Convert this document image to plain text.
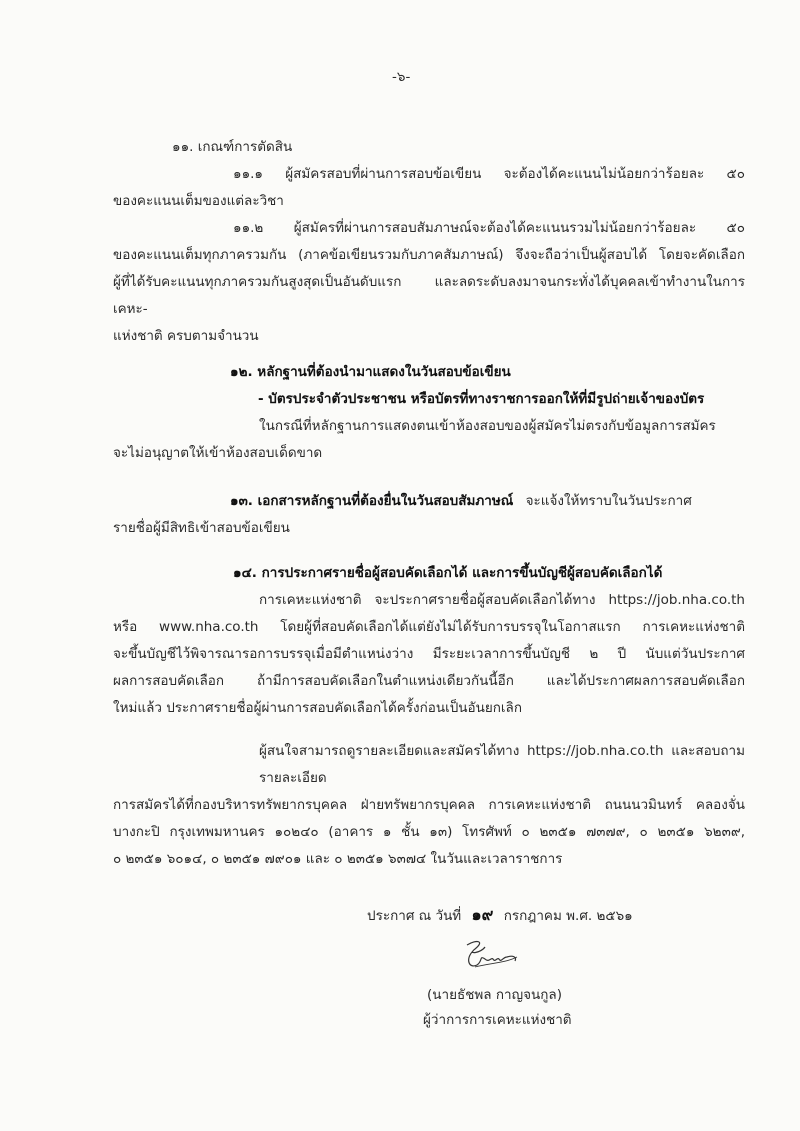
-๖-
๑๑. เกณฑ์การตัดสิน
๑๑.๑ ผู้สมัครสอบที่ผ่านการสอบข้อเขียน จะต้องได้คะแนนไม่น้อยกว่าร้อยละ ๕๐
ของคะแนนเต็มของแต่ละวิชา
๑๑.๒ ผู้สมัครที่ผ่านการสอบสัมภาษณ์จะต้องได้คะแนนรวมไม่น้อยกว่าร้อยละ ๕๐
ของคะแนนเต็มทุกภาครวมกัน (ภาคข้อเขียนรวมกับภาคสัมภาษณ์) จึงจะถือว่าเป็นผู้สอบได้ โดยจะคัดเลือก
ผู้ที่ได้รับคะแนนทุกภาครวมกันสูงสุดเป็นอันดับแรก และลดระดับลงมาจนกระทั่งได้บุคคลเข้าทำงานในการเคหะ-
แห่งชาติ ครบตามจำนวน
๑๒. หลักฐานที่ต้องนำมาแสดงในวันสอบข้อเขียน
- บัตรประจำตัวประชาชน หรือบัตรที่ทางราชการออกให้ที่มีรูปถ่ายเจ้าของบัตร
ในกรณีที่หลักฐานการแสดงตนเข้าห้องสอบของผู้สมัครไม่ตรงกับข้อมูลการสมัคร
จะไม่อนุญาตให้เข้าห้องสอบเด็ดขาด
๑๓. เอกสารหลักฐานที่ต้องยื่นในวันสอบสัมภาษณ์ จะแจ้งให้ทราบในวันประกาศ
รายชื่อผู้มีสิทธิเข้าสอบข้อเขียน
๑๔. การประกาศรายชื่อผู้สอบคัดเลือกได้ และการขึ้นบัญชีผู้สอบคัดเลือกได้
การเคหะแห่งชาติ จะประกาศรายชื่อผู้สอบคัดเลือกได้ทาง https://job.nha.co.th
หรือ www.nha.co.th โดยผู้ที่สอบคัดเลือกได้แต่ยังไม่ได้รับการบรรจุในโอกาสแรก การเคหะแห่งชาติ
จะขึ้นบัญชีไว้พิจารณารอการบรรจุเมื่อมีตำแหน่งว่าง มีระยะเวลาการขึ้นบัญชี ๒ ปี นับแต่วันประกาศ
ผลการสอบคัดเลือก ถ้ามีการสอบคัดเลือกในตำแหน่งเดียวกันนี้อีก และได้ประกาศผลการสอบคัดเลือก
ใหม่แล้ว ประกาศรายชื่อผู้ผ่านการสอบคัดเลือกได้ครั้งก่อนเป็นอันยกเลิก
ผู้สนใจสามารถดูรายละเอียดและสมัครได้ทาง https://job.nha.co.th และสอบถามรายละเอียด
การสมัครได้ที่กองบริหารทรัพยากรบุคคล ฝ่ายทรัพยากรบุคคล การเคหะแห่งชาติ ถนนนวมินทร์ คลองจั่น
บางกะปิ กรุงเทพมหานคร ๑๐๒๔๐ (อาคาร ๑ ชั้น ๑๓) โทรศัพท์ ๐ ๒๓๕๑ ๗๓๗๙, ๐ ๒๓๕๑ ๖๒๓๙,
๐ ๒๓๕๑ ๖๐๑๔, ๐ ๒๓๕๑ ๗๙๐๑ และ ๐ ๒๓๕๑ ๖๓๗๔ ในวันและเวลาราชการ
ประกาศ ณ วันที่ ๑๙ กรกฎาคม พ.ศ. ๒๕๖๑
(นายธัชพล กาญจนกูล)
ผู้ว่าการการเคหะแห่งชาติ
